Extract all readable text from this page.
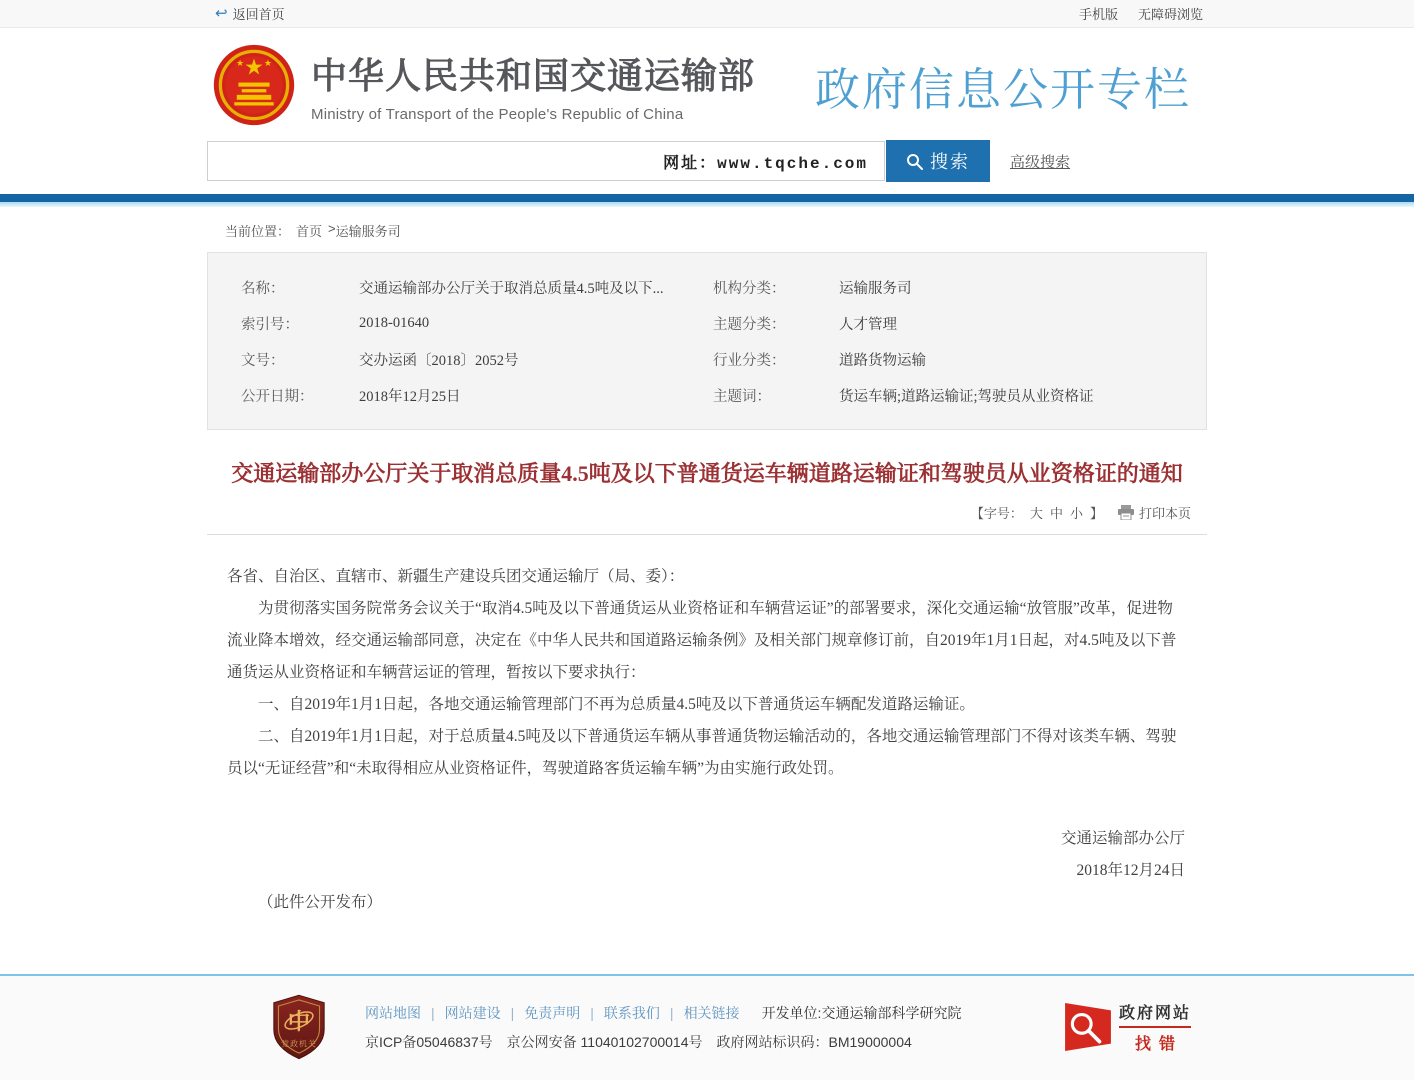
↩ 返回首页	手机版 无障碍浏览
★
★ ★ 中华人民共和国交通运输部
Ministry of Transport of the People's Republic of China	政府信息公开专栏
网址：www.tqche.com
搜索	高级搜索
当前位置： 首页 > 运输服务司
名称：	交通运输部办公厅关于取消总质量4.5吨及以下...	机构分类：	运输服务司
索引号：	2018-01640	主题分类：	人才管理
文号：	交办运函〔2018〕2052号	行业分类：	道路货物运输
公开日期：	2018年12月25日	主题词：	货运车辆;道路运输证;驾驶员从业资格证
交通运输部办公厅关于取消总质量4.5吨及以下普通货运车辆道路运输证和驾驶员从业资格证的通知
【字号： 大 中 小 】	打印本页

各省、自治区、直辖市、新疆生产建设兵团交通运输厅（局、委）：

为贯彻落实国务院常务会议关于“取消4.5吨及以下普通货运从业资格证和车辆营运证”的部署要求，深化交通运输“放管服”改革，促进物流业降本增效，经交通运输部同意，决定在《中华人民共和国道路运输条例》及相关部门规章修订前，自2019年1月1日起，对4.5吨及以下普通货运从业资格证和车辆营运证的管理，暂按以下要求执行：

一、自2019年1月1日起，各地交通运输管理部门不再为总质量4.5吨及以下普通货运车辆配发道路运输证。

二、自2019年1月1日起，对于总质量4.5吨及以下普通货运车辆从事普通货物运输活动的，各地交通运输管理部门不得对该类车辆、驾驶员以“无证经营”和“未取得相应从业资格证件，驾驶道路客货运输车辆”为由实施行政处罚。

交通运输部办公厅

2018年12月24日

（此件公开发布）

中
党政机关
网站地图 | 网站建设 | 免责声明 | 联系我们 | 相关链接 开发单位:交通运输部科学研究院
京ICP备05046837号 京公网安备 11040102700014号 政府网站标识码：BM19000004
政府网站
找错
